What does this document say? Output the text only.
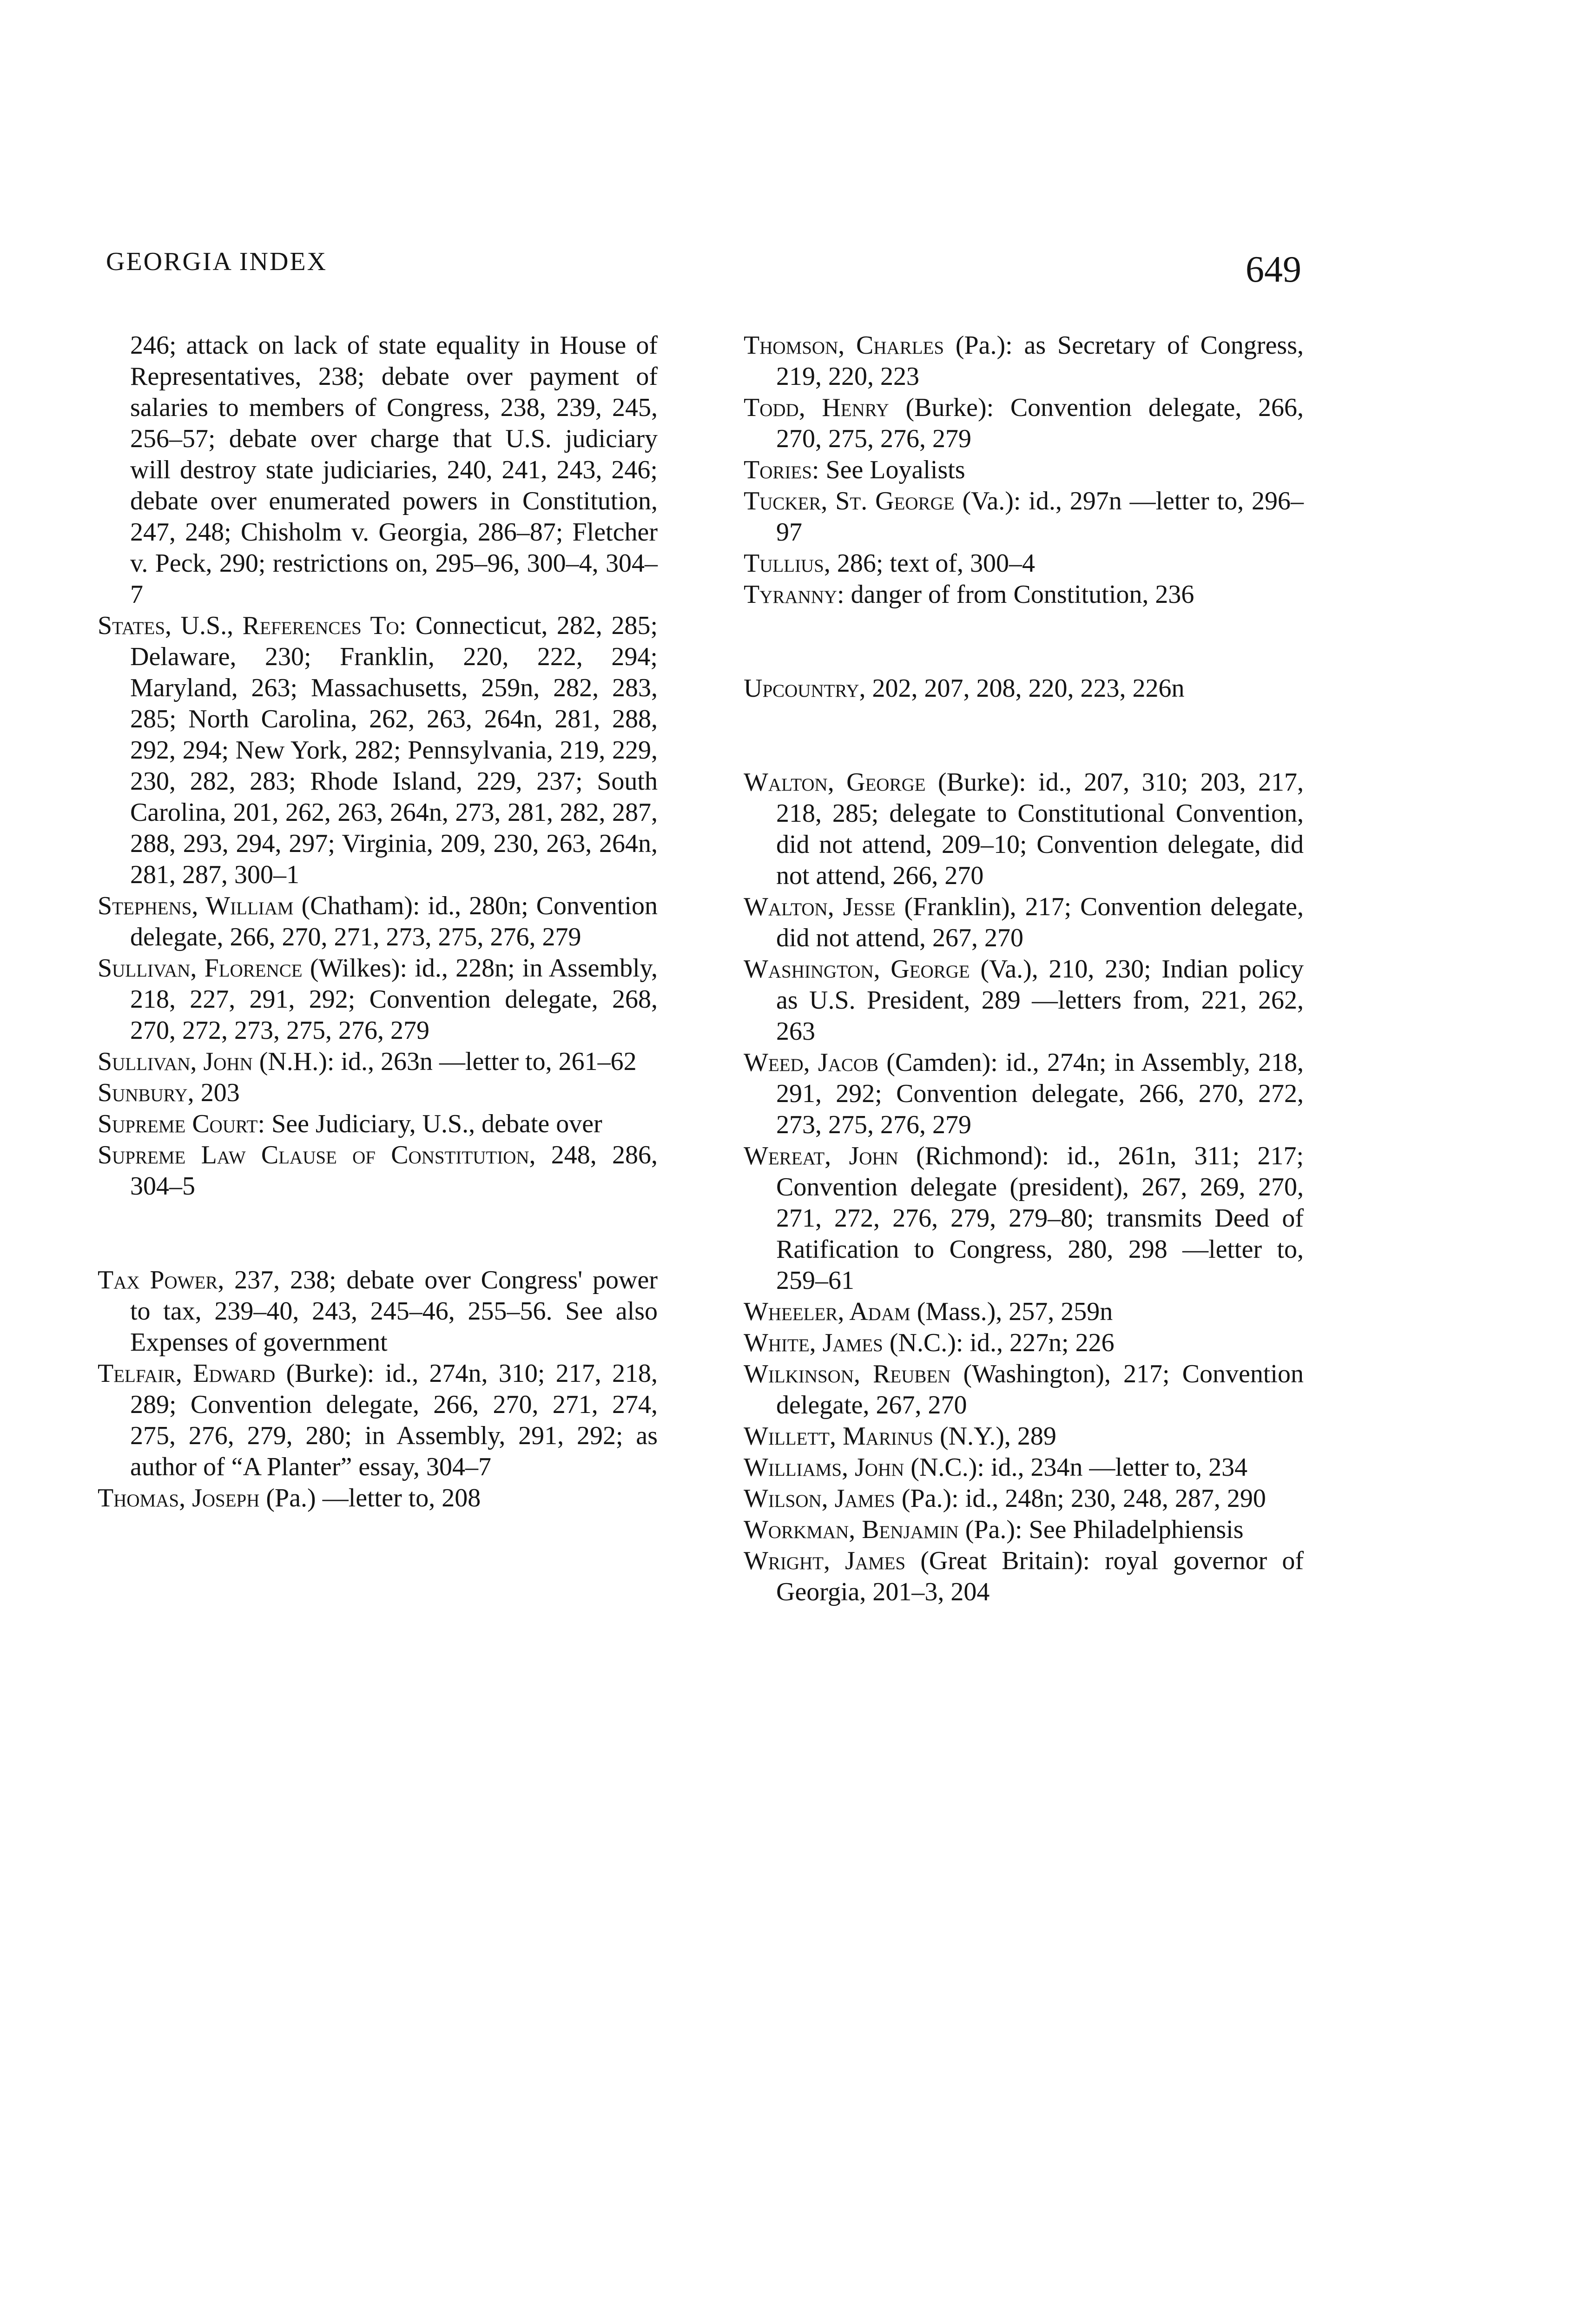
GEORGIA INDEX	649

246; attack on lack of state equality in House of Representatives, 238; debate over payment of salaries to members of Congress, 238, 239, 245, 256–57; debate over charge that U.S. judiciary will destroy state judiciaries, 240, 241, 243, 246; debate over enumerated powers in Constitution, 247, 248; Chisholm v. Georgia, 286–87; Fletcher v. Peck, 290; restrictions on, 295–96, 300–4, 304–7

States, U.S., References To: Connecticut, 282, 285; Delaware, 230; Franklin, 220, 222, 294; Maryland, 263; Massachusetts, 259n, 282, 283, 285; North Carolina, 262, 263, 264n, 281, 288, 292, 294; New York, 282; Pennsylvania, 219, 229, 230, 282, 283; Rhode Island, 229, 237; South Carolina, 201, 262, 263, 264n, 273, 281, 282, 287, 288, 293, 294, 297; Virginia, 209, 230, 263, 264n, 281, 287, 300–1

Stephens, William (Chatham): id., 280n; Convention delegate, 266, 270, 271, 273, 275, 276, 279

Sullivan, Florence (Wilkes): id., 228n; in Assembly, 218, 227, 291, 292; Convention delegate, 268, 270, 272, 273, 275, 276, 279

Sullivan, John (N.H.): id., 263n —letter to, 261–62

Sunbury, 203

Supreme Court: See Judiciary, U.S., debate over

Supreme Law Clause of Constitution, 248, 286, 304–5

Tax Power, 237, 238; debate over Congress' power to tax, 239–40, 243, 245–46, 255–56. See also Expenses of government

Telfair, Edward (Burke): id., 274n, 310; 217, 218, 289; Convention delegate, 266, 270, 271, 274, 275, 276, 279, 280; in Assembly, 291, 292; as author of “A Planter” essay, 304–7

Thomas, Joseph (Pa.) —letter to, 208

Thomson, Charles (Pa.): as Secretary of Congress, 219, 220, 223

Todd, Henry (Burke): Convention delegate, 266, 270, 275, 276, 279

Tories: See Loyalists

Tucker, St. George (Va.): id., 297n —letter to, 296–97

Tullius, 286; text of, 300–4

Tyranny: danger of from Constitution, 236

Upcountry, 202, 207, 208, 220, 223, 226n

Walton, George (Burke): id., 207, 310; 203, 217, 218, 285; delegate to Constitutional Convention, did not attend, 209–10; Convention delegate, did not attend, 266, 270

Walton, Jesse (Franklin), 217; Convention delegate, did not attend, 267, 270

Washington, George (Va.), 210, 230; Indian policy as U.S. President, 289 —letters from, 221, 262, 263

Weed, Jacob (Camden): id., 274n; in Assembly, 218, 291, 292; Convention delegate, 266, 270, 272, 273, 275, 276, 279

Wereat, John (Richmond): id., 261n, 311; 217; Convention delegate (president), 267, 269, 270, 271, 272, 276, 279, 279–80; transmits Deed of Ratification to Congress, 280, 298 —letter to, 259–61

Wheeler, Adam (Mass.), 257, 259n

White, James (N.C.): id., 227n; 226

Wilkinson, Reuben (Washington), 217; Convention delegate, 267, 270

Willett, Marinus (N.Y.), 289

Williams, John (N.C.): id., 234n —letter to, 234

Wilson, James (Pa.): id., 248n; 230, 248, 287, 290

Workman, Benjamin (Pa.): See Philadelphiensis

Wright, James (Great Britain): royal governor of Georgia, 201–3, 204
